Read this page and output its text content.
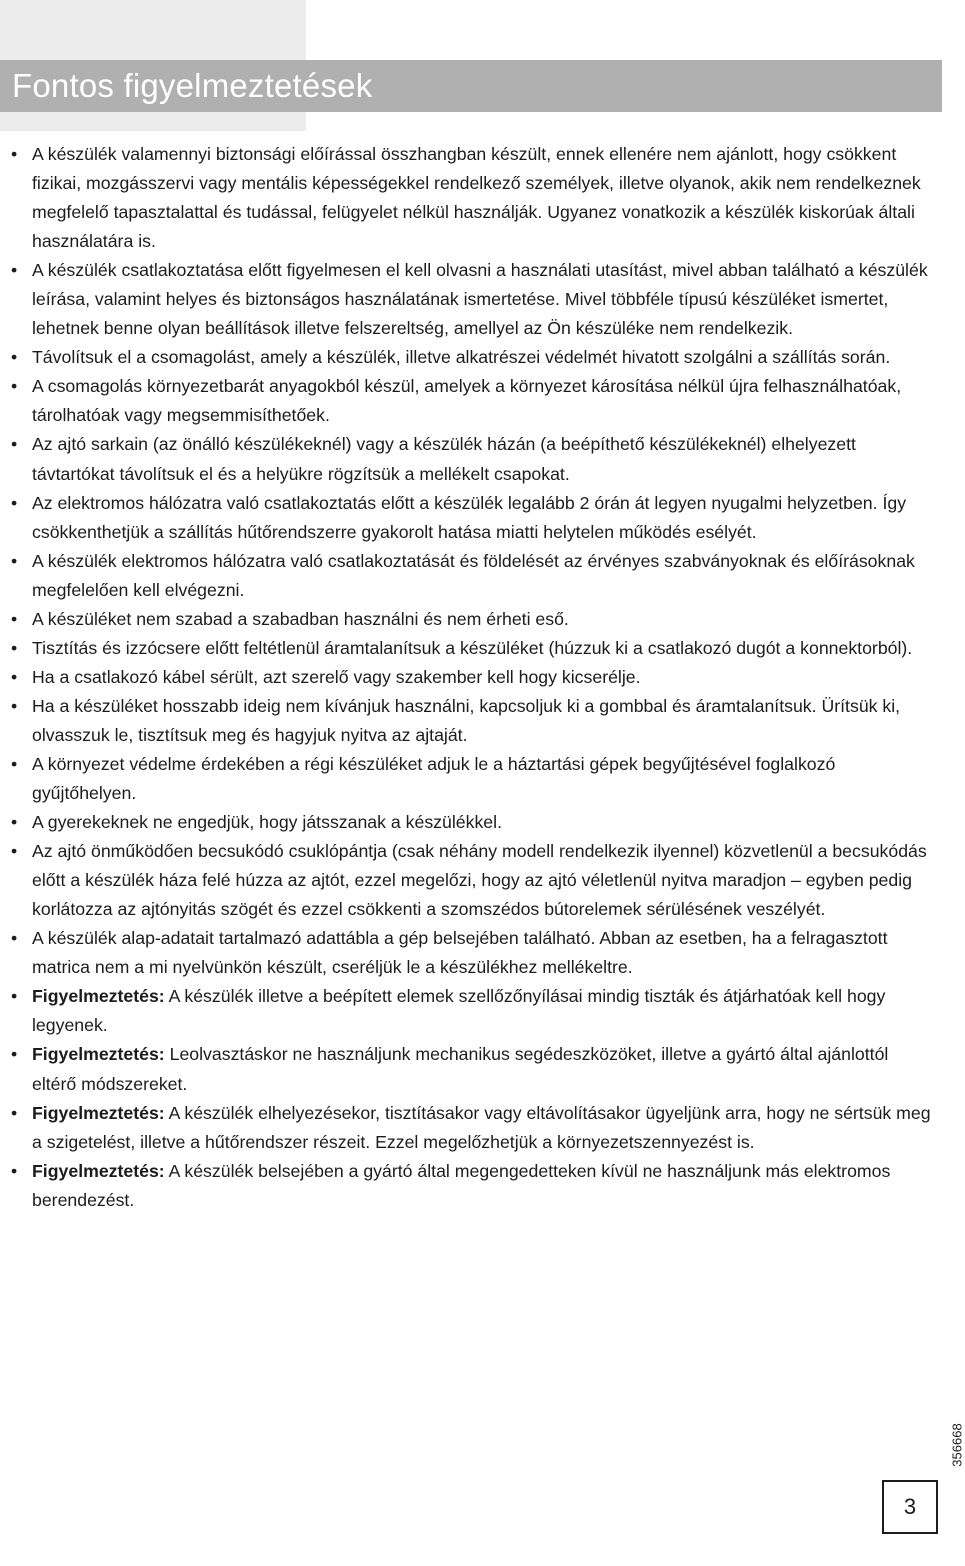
Fontos figyelmeztetések
• A készülék valamennyi biztonsági előírással összhangban készült, ennek ellenére nem ajánlott, hogy csökkent fizikai, mozgásszervi vagy mentális képességekkel rendelkező személyek, illetve olyanok, akik nem rendelkeznek megfelelő tapasztalattal és tudással, felügyelet nélkül használják. Ugyanez vonatkozik a készülék kiskorúak általi használatára is.
• A készülék csatlakoztatása előtt figyelmesen el kell olvasni a használati utasítást, mivel abban található a készülék leírása, valamint helyes és biztonságos használatának ismertetése. Mivel többféle típusú készüléket ismertet, lehetnek benne olyan beállítások illetve felszereltség, amellyel az Ön készüléke nem rendelkezik.
• Távolítsuk el a csomagolást, amely a készülék, illetve alkatrészei védelmét hivatott szolgálni a szállítás során.
• A csomagolás környezetbarát anyagokból készül, amelyek a környezet károsítása nélkül újra felhasználhatóak, tárolhatóak vagy megsemmisíthetőek.
• Az ajtó sarkain (az önálló készülékeknél) vagy a készülék házán (a beépíthető készülékeknél) elhelyezett távtartókat távolítsuk el és a helyükre rögzítsük a mellékelt csapokat.
• Az elektromos hálózatra való csatlakoztatás előtt a készülék legalább 2 órán át legyen nyugalmi helyzetben. Így csökkenthetjük a szállítás hűtőrendszerre gyakorolt hatása miatti helytelen működés esélyét.
• A készülék elektromos hálózatra való csatlakoztatását és földelését az érvényes szabványoknak és előírásoknak megfelelően kell elvégezni.
• A készüléket nem szabad a szabadban használni és nem érheti eső.
• Tisztítás és izzócsere előtt feltétlenül áramtalanítsuk a készüléket (húzzuk ki a csatlakozó dugót a konnektorból).
• Ha a csatlakozó kábel sérült, azt szerelő vagy szakember kell hogy kicserélje.
• Ha a készüléket hosszabb ideig nem kívánjuk használni, kapcsoljuk ki a gombbal és áramtalanítsuk. Ürítsük ki, olvasszuk le, tisztítsuk meg és hagyjuk nyitva az ajtaját.
• A környezet védelme érdekében a régi készüléket adjuk le a háztartási gépek begyűjtésével foglalkozó gyűjtőhelyen.
• A gyerekeknek ne engedjük, hogy játsszanak a készülékkel.
• Az ajtó önműködően becsukódó csuklópántja (csak néhány modell rendelkezik ilyennel) közvetlenül a becsukódás előtt a készülék háza felé húzza az ajtót, ezzel megelőzi, hogy az ajtó véletlenül nyitva maradjon – egyben pedig korlátozza az ajtónyitás szögét és ezzel csökkenti a szomszédos bútorelemek sérülésének veszélyét.
• A készülék alap-adatait tartalmazó adattábla a gép belsejében található. Abban az esetben, ha a felragasztott matrica nem a mi nyelvünkön készült, cseréljük le a készülékhez mellékeltre.
• Figyelmeztetés: A készülék illetve a beépített elemek szellőzőnyílásai mindig tiszták és átjárhatóak kell hogy legyenek.
• Figyelmeztetés: Leolvasztáskor ne használjunk mechanikus segédeszközöket, illetve a gyártó által ajánlottól eltérő módszereket.
• Figyelmeztetés: A készülék elhelyezésekor, tisztításakor vagy eltávolításakor ügyeljünk arra, hogy ne sértsük meg a szigetelést, illetve a hűtőrendszer részeit. Ezzel megelőzhetjük a környezetszennyezést is.
• Figyelmeztetés: A készülék belsejében a gyártó által megengedetteken kívül ne használjunk más elektromos berendezést.
356668
3
